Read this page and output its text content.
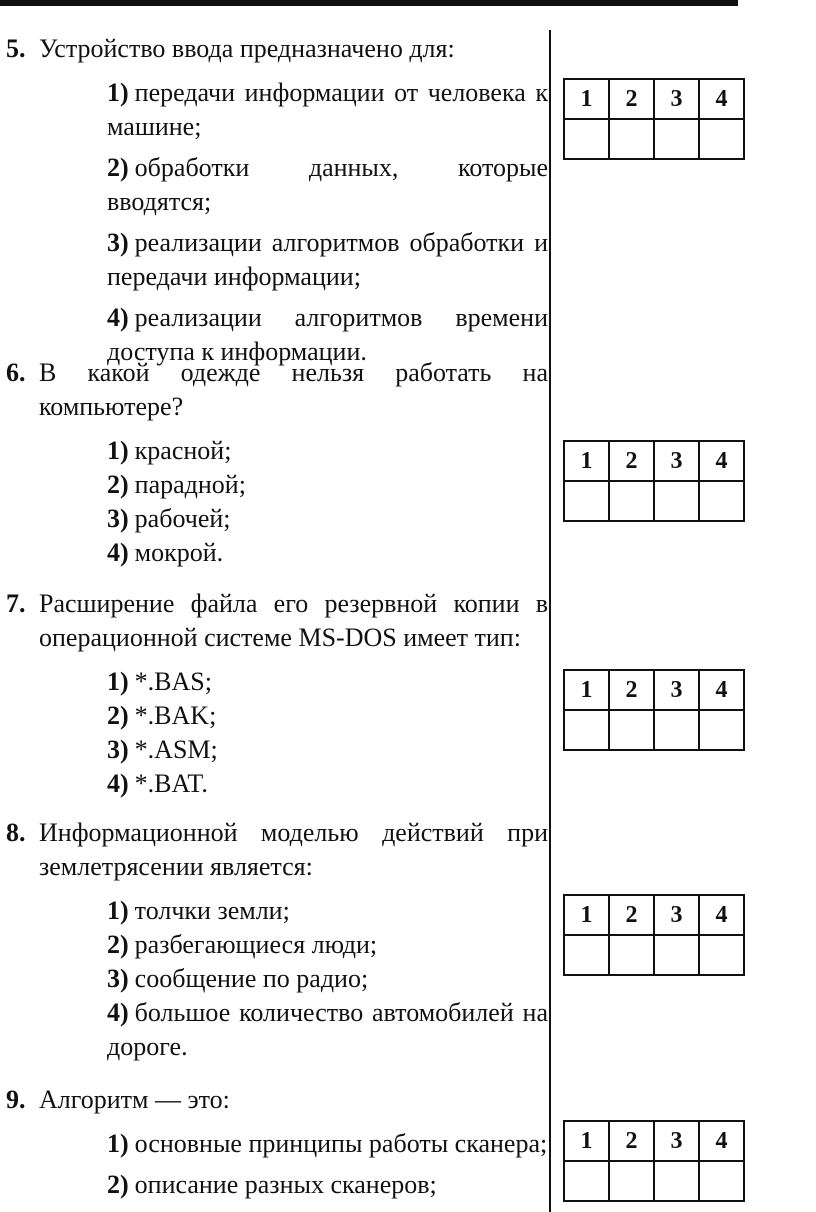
5. Устройство ввода предназначено для:
1) передачи информации от человека к машине;
2) обработки данных, которые вводятся;
3) реализации алгоритмов обработки и передачи информации;
4) реализации алгоритмов времени доступа к информации.
1	2	3	4

6. В какой одежде нельзя работать на компьютере?
1) красной;
2) парадной;
3) рабочей;
4) мокрой.
1	2	3	4

7. Расширение файла его резервной копии в операционной системе MS-DOS имеет тип:
1) *.BAS;
2) *.BAK;
3) *.ASM;
4) *.BAT.
1	2	3	4

8. Информационной моделью действий при землетрясении является:
1) толчки земли;
2) разбегающиеся люди;
3) сообщение по радио;
4) большое количество автомобилей на дороге.
1	2	3	4

9. Алгоритм — это:
1) основные принципы работы сканера;
2) описание разных сканеров;
1	2	3	4
